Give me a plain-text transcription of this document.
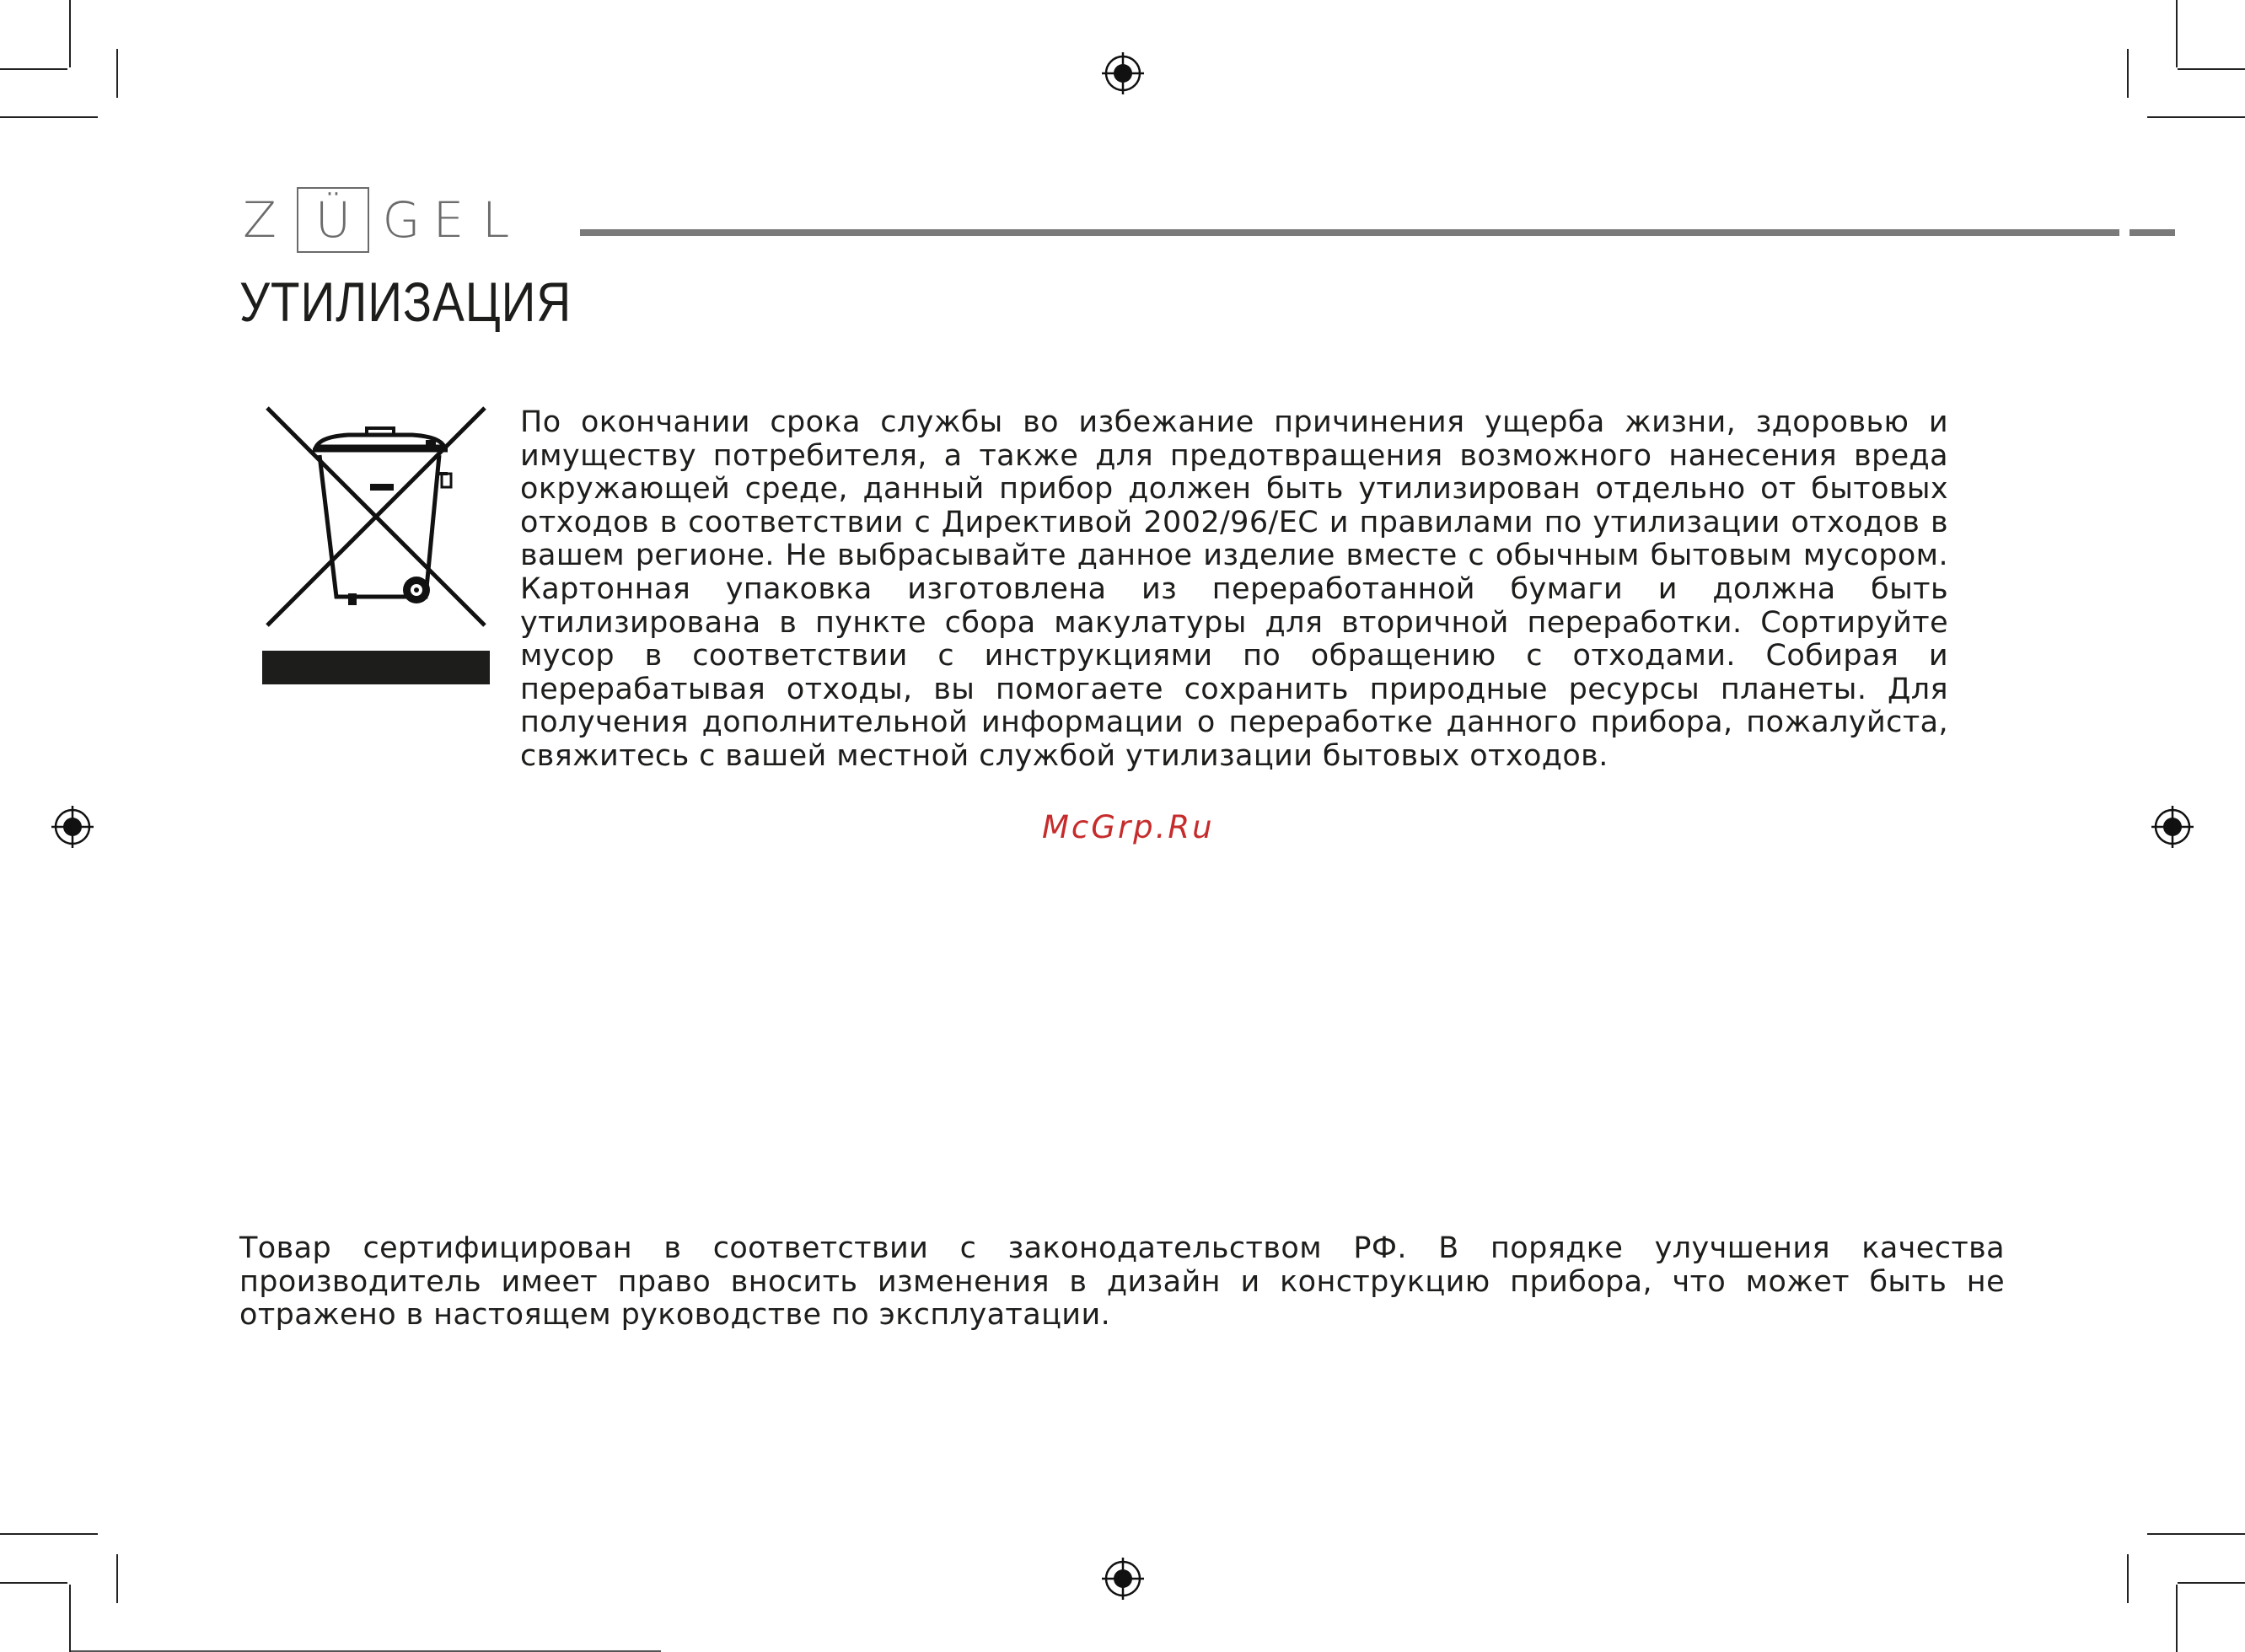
Z Ü G E L
УТИЛИЗАЦИЯ

По окончании срока службы во избежание причинения ущерба жизни, здоровью и имуществу потребителя, а также для предотвращения возможного нанесения вреда окружающей среде, данный прибор должен быть утилизирован отдельно от бытовых отходов в соответствии с Директивой 2002/96/ЕС и правилами по утилизации отходов в вашем регионе. Не выбрасывайте данное изделие вместе с обычным бытовым мусором. Картонная упаковка изготовлена из переработанной бумаги и должна быть утилизирована в пункте сбора макулатуры для вторичной переработки. Сортируйте мусор в соответствии с инструкциями по обращению с отходами. Собирая и перерабатывая отходы, вы помогаете сохранить природные ресурсы планеты. Для получения дополнительной информации о переработке данного прибора, пожалуйста, свяжитесь с вашей местной службой утилизации бытовых отходов.

McGrp.Ru

Товар сертифицирован в соответствии с законодательством РФ. В порядке улучшения качества производитель имеет право вносить изменения в дизайн и конструкцию прибора, что может быть не отражено в настоящем руководстве по эксплуатации.
